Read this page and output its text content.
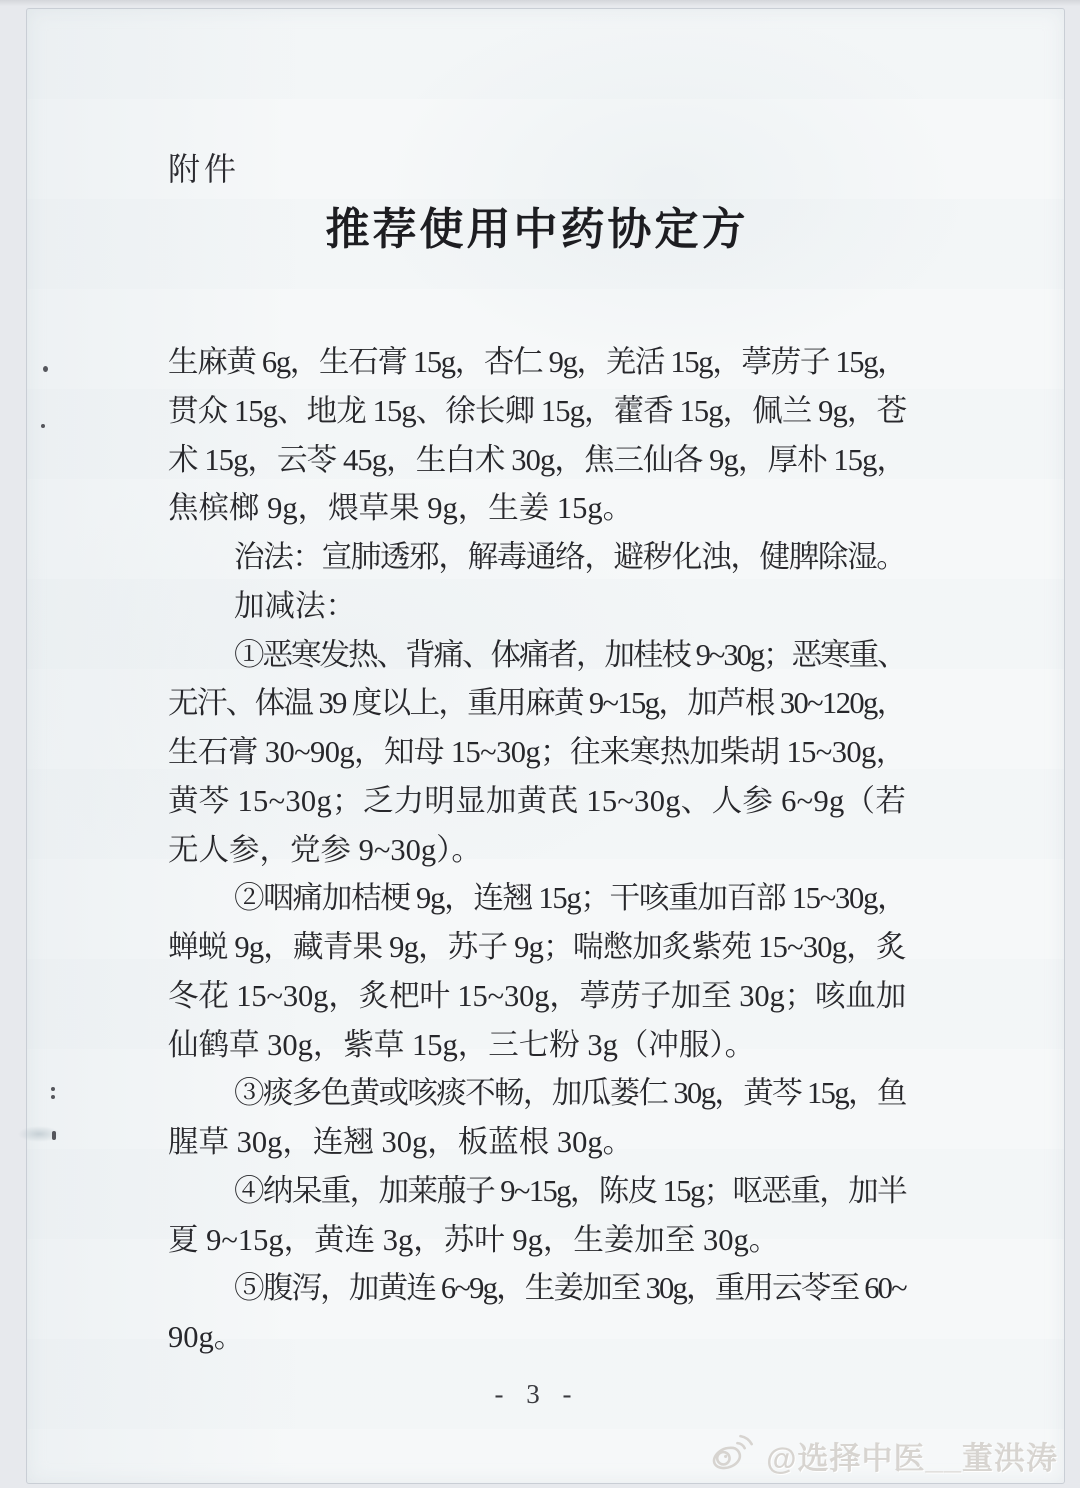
附件
推荐使用中药协定方
生麻黄 6g，生石膏 15g，杏仁 9g，羌活 15g，葶苈子 15g，
贯众 15g、地龙 15g、徐长卿 15g，藿香 15g，佩兰 9g，苍
术 15g，云苓 45g，生白术 30g，焦三仙各 9g，厚朴 15g，
焦槟榔 9g，煨草果 9g，生姜 15g。
治法：宣肺透邪，解毒通络，避秽化浊，健脾除湿。
加减法：
①恶寒发热、背痛、体痛者，加桂枝 9~30g；恶寒重、
无汗、体温 39 度以上，重用麻黄 9~15g，加芦根 30~120g，
生石膏 30~90g，知母 15~30g；往来寒热加柴胡 15~30g，
黄芩 15~30g；乏力明显加黄芪 15~30g、人参 6~9g（若
无人参，党参 9~30g）。
②咽痛加桔梗 9g，连翘 15g；干咳重加百部 15~30g，
蝉蜕 9g，藏青果 9g，苏子 9g；喘憋加炙紫苑 15~30g，炙
冬花 15~30g，炙杷叶 15~30g，葶苈子加至 30g；咳血加
仙鹤草 30g，紫草 15g，三七粉 3g（冲服）。
③痰多色黄或咳痰不畅，加瓜蒌仁 30g，黄芩 15g，鱼
腥草 30g，连翘 30g，板蓝根 30g。
④纳呆重，加莱菔子 9~15g，陈皮 15g；呕恶重，加半
夏 9~15g，黄连 3g，苏叶 9g，生姜加至 30g。
⑤腹泻，加黄连 6~9g，生姜加至 30g，重用云苓至 60~
90g。
- 3 -
@选择中医__董洪涛
